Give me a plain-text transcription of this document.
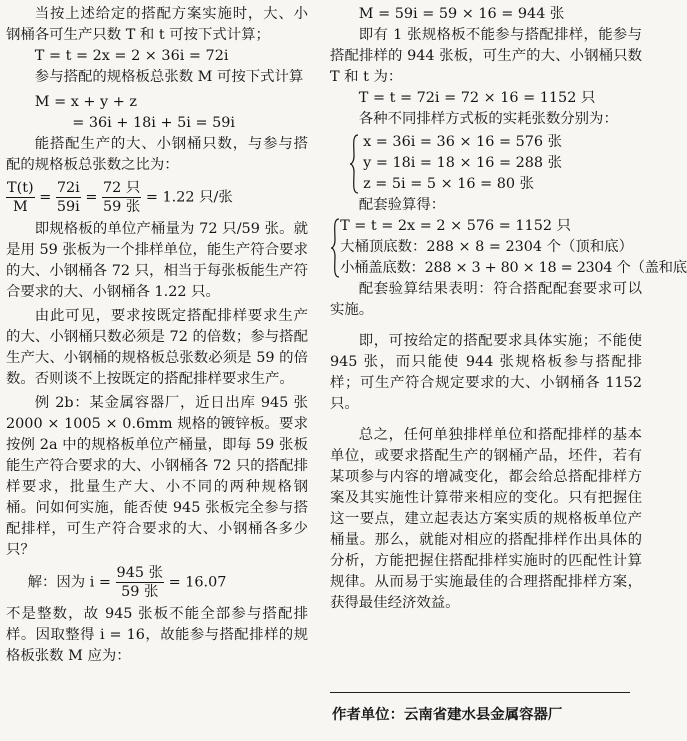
当按上述给定的搭配方案实施时，大、小钢桶各可生产只数 T 和 t 可按下式计算；

T = t = 2x = 2 × 36i = 72i

参与搭配的规格板总张数 M 可按下式计算

M = x + y + z

= 36i + 18i + 5i = 59i

能搭配生产的大、小钢桶只数，与参与搭配的规格板总张数之比为：

$\frac{T(t)}{M} = \frac{72i}{59i} = \frac{\text{72 只}}{\text{59 张}} = 1.22$ 只/张

即规格板的单位产桶量为 72 只/59 张。就是用 59 张板为一个排样单位，能生产符合要求的大、小钢桶各 72 只，相当于每张板能生产符合要求的大、小钢桶各 1.22 只。

由此可见，要求按既定搭配排样要求生产的大、小钢桶只数必须是 72 的倍数；参与搭配生产大、小钢桶的规格板总张数必须是 59 的倍数。否则谈不上按既定的搭配排样要求生产。

例 2b：某金属容器厂，近日出库 945 张 2000 × 1005 × 0.6mm 规格的镀锌板。要求按例 2a 中的规格板单位产桶量，即每 59 张板能生产符合要求的大、小钢桶各 72 只的搭配排样要求，批量生产大、小不同的两种规格钢桶。问如何实施，能否使 945 张板完全参与搭配排样，可生产符合要求的大、小钢桶各多少只？

解：因为 $i = \frac{\text{945 张}}{\text{59 张}} = 16.07$

不是整数，故 945 张板不能全部参与搭配排样。因取整得 i = 16，故能参与搭配排样的规格板张数 M 应为：

M = 59i = 59 × 16 = 944 张

即有 1 张规格板不能参与搭配排样，能参与搭配排样的 944 张板，可生产的大、小钢桶只数 T 和 t 为：

T = t = 72i = 72 × 16 = 1152 只

各种不同排样方式板的实耗张数分别为：

x = 36i = 36 × 16 = 576 张

y = 18i = 18 × 16 = 288 张

z = 5i = 5 × 16 = 80 张

配套验算得：

T = t = 2x = 2 × 576 = 1152 只

大桶顶底数：288 × 8 = 2304 个（顶和底）

小桶盖底数：288 × 3 + 80 × 18 = 2304 个（盖和底

配套验算结果表明：符合搭配配套要求可以实施。

即，可按给定的搭配要求具体实施；不能使 945 张，而只能使 944 张规格板参与搭配排样；可生产符合规定要求的大、小钢桶各 1152 只。

总之，任何单独排样单位和搭配排样的基本单位，或要求搭配生产的钢桶产品，坯件，若有某项参与内容的增减变化，都会给总搭配排样方案及其实施性计算带来相应的变化。只有把握住这一要点，建立起表达方案实质的规格板单位产桶量。那么，就能对相应的搭配排样作出具体的分析，方能把握住搭配排样实施时的匹配性计算规律。从而易于实施最佳的合理搭配排样方案，获得最佳经济效益。

作者单位：云南省建水县金属容器厂
